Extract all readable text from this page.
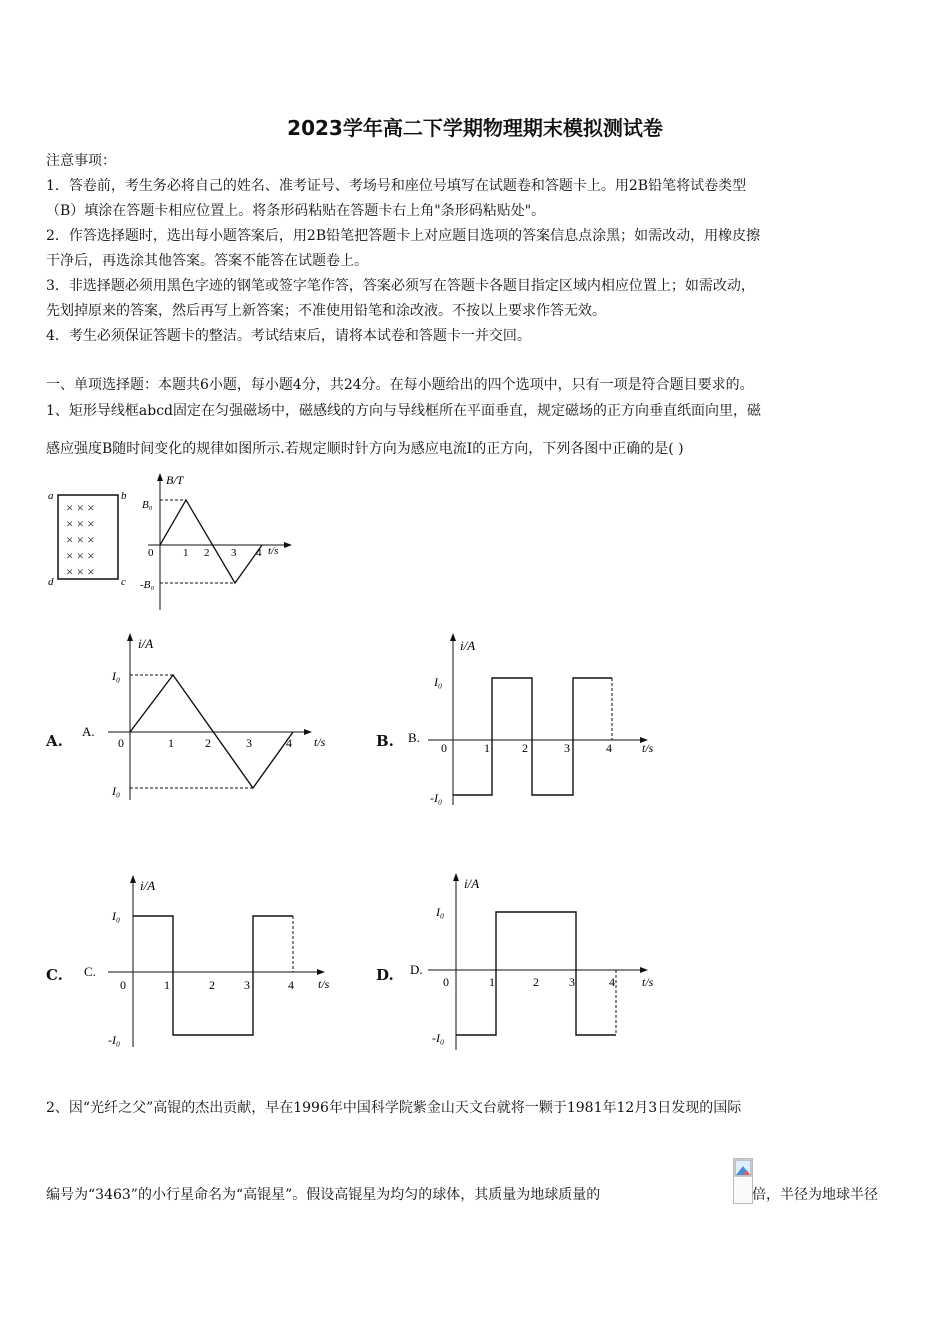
2023学年高二下学期物理期末模拟测试卷
注意事项：
1．答卷前，考生务必将自己的姓名、准考证号、考场号和座位号填写在试题卷和答题卡上。用2B铅笔将试卷类型
（B）填涂在答题卡相应位置上。将条形码粘贴在答题卡右上角"条形码粘贴处"。
2．作答选择题时，选出每小题答案后，用2B铅笔把答题卡上对应题目选项的答案信息点涂黑；如需改动，用橡皮擦
干净后，再选涂其他答案。答案不能答在试题卷上。
3．非选择题必须用黑色字迹的钢笔或签字笔作答，答案必须写在答题卡各题目指定区域内相应位置上；如需改动，
先划掉原来的答案，然后再写上新答案；不准使用铅笔和涂改液。不按以上要求作答无效。
4．考生必须保证答题卡的整洁。考试结束后，请将本试卷和答题卡一并交回。
一、单项选择题：本题共6小题，每小题4分，共24分。在每小题给出的四个选项中，只有一项是符合题目要求的。
1、矩形导线框abcd固定在匀强磁场中，磁感线的方向与导线框所在平面垂直，规定磁场的正方向垂直纸面向里，磁
感应强度B随时间变化的规律如图所示.若规定顺时针方向为感应电流I的正方向，下列各图中正确的是( )
a	b
c
d
× × ×
× × ×
× × ×
× × ×
× × ×
B/T
t/s
0
B₀
-B₀
1 2 3 4
A.
A.
i/A
t/s
0	1	2	3	4
I₀
I₀
B. B.
i/A
t/s
0	1	2	3	4
I₀
-I₀
C. C.
i/A
t/s
0	1	2 3	4
I₀
-I₀
D. D.
i/A
t/s
0	1	2	3	4
I₀
-I₀
2、因“光纤之父”高锟的杰出贡献，早在1996年中国科学院紫金山天文台就将一颗于1981年12月3日发现的国际
编号为“3463”的小行星命名为“高锟星”。假设高锟星为均匀的球体，其质量为地球质量的	倍，半径为地球半径
